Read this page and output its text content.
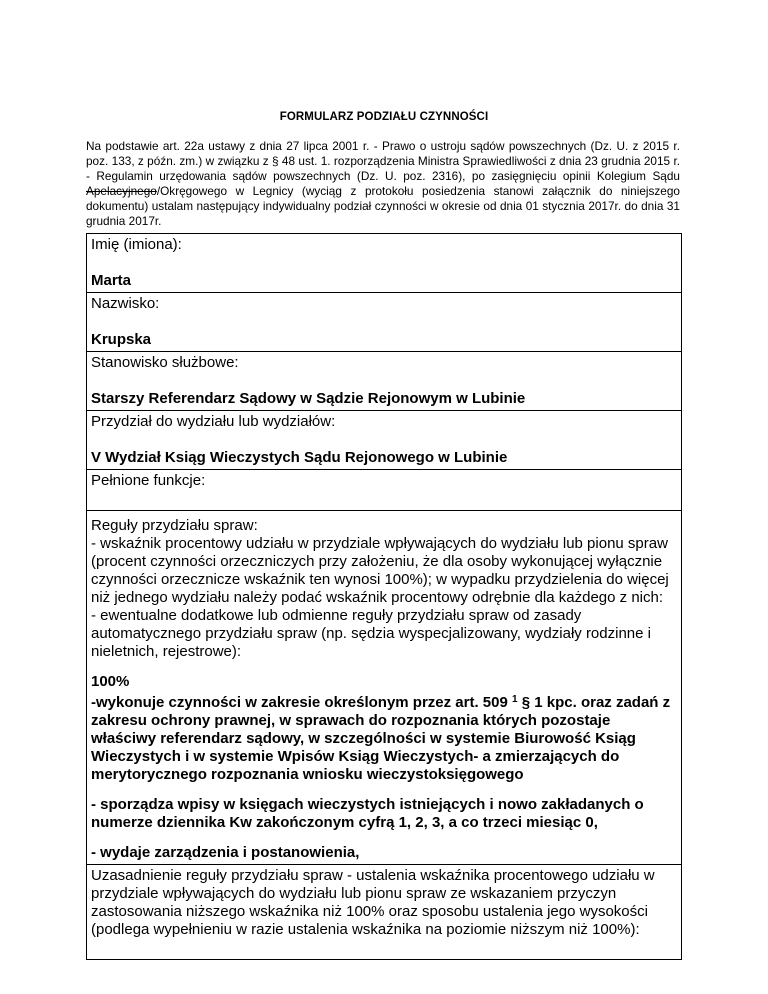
FORMULARZ PODZIAŁU CZYNNOŚCI
Na podstawie art. 22a ustawy z dnia 27 lipca 2001 r. - Prawo o ustroju sądów powszechnych (Dz. U. z 2015 r. poz. 133, z późn. zm.) w związku z § 48 ust. 1. rozporządzenia Ministra Sprawiedliwości z dnia 23 grudnia 2015 r. - Regulamin urzędowania sądów powszechnych (Dz. U. poz. 2316), po zasięgnięciu opinii Kolegium Sądu Apelacyjnego/Okręgowego w Legnicy (wyciąg z protokołu posiedzenia stanowi załącznik do niniejszego dokumentu) ustalam następujący indywidualny podział czynności w okresie od dnia 01 stycznia 2017r. do dnia 31 grudnia 2017r.
Imię (imiona):
Marta

Nazwisko:
Krupska

Stanowisko służbowe:
Starszy Referendarz Sądowy w Sądzie Rejonowym w Lubinie

Przydział do wydziału lub wydziałów:
V Wydział Ksiąg Wieczystych Sądu Rejonowego w Lubinie

Pełnione funkcje:

Reguły przydziału spraw:
- wskaźnik procentowy udziału w przydziale wpływających do wydziału lub pionu spraw (procent czynności orzeczniczych przy założeniu, że dla osoby wykonującej wyłącznie czynności orzecznicze wskaźnik ten wynosi 100%); w wypadku przydzielenia do więcej niż jednego wydziału należy podać wskaźnik procentowy odrębnie dla każdego z nich:
- ewentualne dodatkowe lub odmienne reguły przydziału spraw od zasady automatycznego przydziału spraw (np. sędzia wyspecjalizowany, wydziały rodzinne i nieletnich, rejestrowe):
100%
-wykonuje czynności w zakresie określonym przez art. 509 $^1$ § 1 kpc. oraz zadań z zakresu ochrony prawnej, w sprawach do rozpoznania których pozostaje właściwy referendarz sądowy, w szczególności w systemie Biurowość Ksiąg Wieczystych i w systemie Wpisów Ksiąg Wieczystych- a zmierzających do merytorycznego rozpoznania wniosku wieczystoksięgowego
- sporządza wpisy w księgach wieczystych istniejących i nowo zakładanych o numerze dziennika Kw zakończonym cyfrą 1, 2, 3, a co trzeci miesiąc 0,
- wydaje zarządzenia i postanowienia,

Uzasadnienie reguły przydziału spraw - ustalenia wskaźnika procentowego udziału w przydziale wpływających do wydziału lub pionu spraw ze wskazaniem przyczyn zastosowania niższego wskaźnika niż 100% oraz sposobu ustalenia jego wysokości (podlega wypełnieniu w razie ustalenia wskaźnika na poziomie niższym niż 100%):
